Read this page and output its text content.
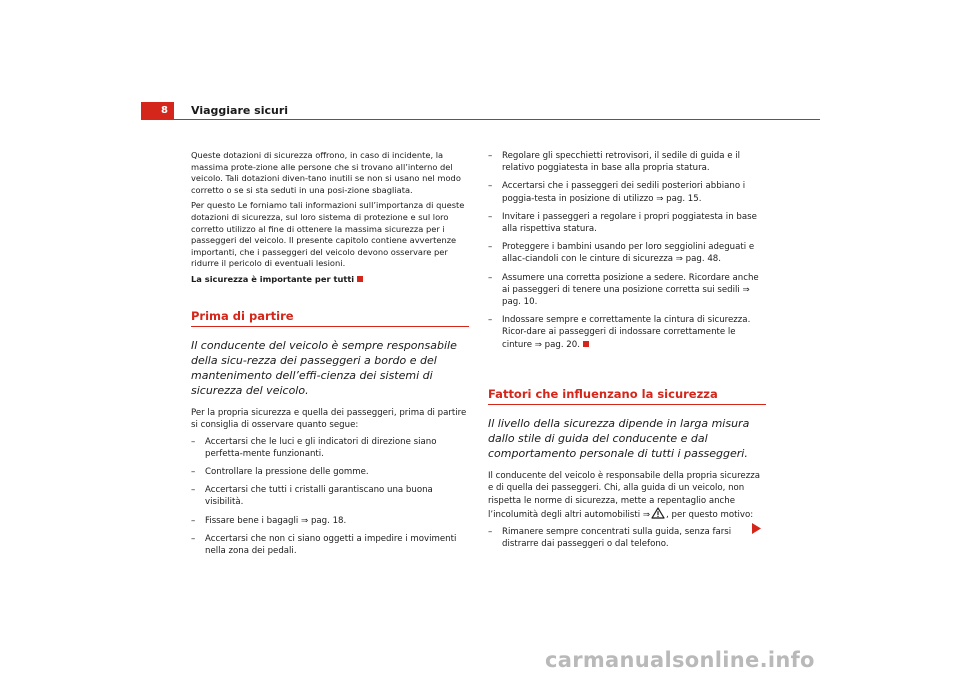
8	Viaggiare sicuri

Queste dotazioni di sicurezza offrono, in caso di incidente, la massima prote-zione alle persone che si trovano all’interno del veicolo. Tali dotazioni diven-tano inutili se non si usano nel modo corretto o se si sta seduti in una posi-zione sbagliata.

Per questo Le forniamo tali informazioni sull’importanza di queste dotazioni di sicurezza, sul loro sistema di protezione e sul loro corretto utilizzo al fine di ottenere la massima sicurezza per i passeggeri del veicolo. Il presente capitolo contiene avvertenze importanti, che i passeggeri del veicolo devono osservare per ridurre il pericolo di eventuali lesioni.

La sicurezza è importante per tutti

Prima di partire

Il conducente del veicolo è sempre responsabile della sicu-rezza dei passeggeri a bordo e del mantenimento dell’effi-cienza dei sistemi di sicurezza del veicolo.

Per la propria sicurezza e quella dei passeggeri, prima di partire si consiglia di osservare quanto segue:

– Accertarsi che le luci e gli indicatori di direzione siano perfetta-mente funzionanti.
– Controllare la pressione delle gomme.
– Accertarsi che tutti i cristalli garantiscano una buona visibilità.
– Fissare bene i bagagli ⇒ pag. 18.
– Accertarsi che non ci siano oggetti a impedire i movimenti nella zona dei pedali.
– Regolare gli specchietti retrovisori, il sedile di guida e il relativo poggiatesta in base alla propria statura.
– Accertarsi che i passeggeri dei sedili posteriori abbiano i poggia-testa in posizione di utilizzo ⇒ pag. 15.
– Invitare i passeggeri a regolare i propri poggiatesta in base alla rispettiva statura.
– Proteggere i bambini usando per loro seggiolini adeguati e allac-ciandoli con le cinture di sicurezza ⇒ pag. 48.
– Assumere una corretta posizione a sedere. Ricordare anche ai passeggeri di tenere una posizione corretta sui sedili ⇒ pag. 10.
– Indossare sempre e correttamente la cintura di sicurezza. Ricor-dare ai passeggeri di indossare correttamente le cinture ⇒ pag. 20.
Fattori che influenzano la sicurezza

Il livello della sicurezza dipende in larga misura dallo stile di guida del conducente e dal comportamento personale di tutti i passeggeri.

Il conducente del veicolo è responsabile della propria sicurezza e di quella dei passeggeri. Chi, alla guida di un veicolo, non rispetta le norme di sicurezza, mette a repentaglio anche l’incolumità degli altri automobilisti ⇒ , per questo motivo:

– Rimanere sempre concentrati sulla guida, senza farsi distrarre dai passeggeri o dal telefono.
carmanualsonline.info
